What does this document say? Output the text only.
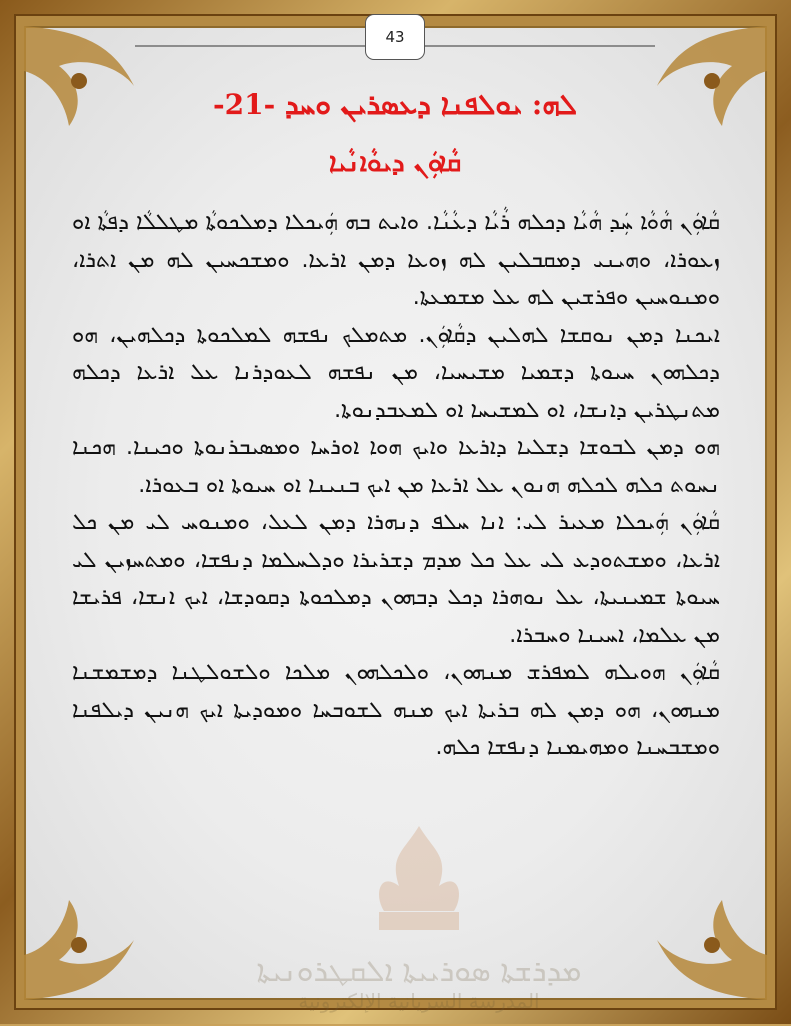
ܡܕܪܫܬܐ ܣܘܪܝܝܬܐ ܐܠܩܛܪܘܢܝܬܐ
المدرسة السريانية الإلكترونية
43
ܠܗ: ܝܘܠܦܢܐ ܕܥܣܪܝܢ ܘܚܕ -21-
ܩܵܐܘܲܢ ܕܝܘܵܐܢܵܝܐ

ܩܵܐܘܲܢ ܗܵܘܵܐ ܚܲܕ ܗܵܝܵܐ ܕܟܠܗ ܪܵܝܵܐ ܕܥܵܢܵܐ. ܘܐܝܬ ܒܗ ܗܲܝܟܠܐ ܕܡܠܟܘܬܵܐ ܡܛܠܠܵܐ ܕܦܬܵܐ ܐܘ ܙܥܘܪܐ، ܘܗܝܢܝ ܕܡܩܒܠܝܢ ܠܗ ܙܘܥܐ ܕܡܢ ܐܪܥܐ. ܘܡܫܟܚܝܢ ܠܗ ܡܢ ܐܬܪܐ، ܘܡܢܘܚܝܢ ܘܦܪܫܝܢ ܠܗ ܥܠ ܡܫܡܥܬܐ.

ܐܝܟܢܐ ܕܡܢ ܢܘܩܫܐ ܠܗܠܝܢ ܕܩܵܐܘܲܢ. ܡܬܡܠܟ ܢܦܫܗ ܠܡܠܟܘܬܐ ܕܟܠܗܝܢ، ܗܘ ܕܟܠܗܘܢ ܚܝܘܬܐ ܕܫܡܝܐ ܡܫܝܚܝܐ، ܡܢ ܢܦܫܗ ܠܥܘܕܪܢܐ ܥܠ ܐܪܥܐ ܕܟܠܗ ܡܬܢܛܪܝܢ ܕܐܢܫܐ، ܐܘ ܠܡܫܝܚܐ ܐܘ ܠܡܥܒܕܢܘܬܐ.

ܗܘ ܕܡܢ ܠܒܘܫܐ ܕܫܠܝܐ ܕܐܪܥܐ ܘܐܝܟ ܗܘܐ ܐܘܪܚܐ ܘܡܣܝܒܪܢܘܬܐ ܘܟܝܢܐ. ܗܟܢܐ ܢܚܘܬ ܟܠܗ ܠܟܠܗ ܗܢܘܢ ܥܠ ܐܪܥܐ ܡܢ ܐܝܟ ܒܢܝܢܐ ܐܘ ܚܝܘܬܐ ܐܘ ܒܥܘܪܐ.

ܩܵܐܘܲܢ ܗܲܝܟܠܐ ܡܥܝܪ ܠܝ: ܐܢܐ ܚܠܦ ܕܢܗܪܐ ܕܡܢ ܠܥܠ، ܘܡܢܘܚ ܠܝ ܡܢ ܟܠ ܐܪܥܐ، ܘܡܫܬܘܕܥ ܠܝ ܥܠ ܟܠ ܡܕܡ ܕܫܪܝܪܐ ܘܕܠܚܠܡܐ ܕܢܦܫܐ، ܘܡܬܚܙܝܢ ܠܝ ܚܝܘܬܐ ܫܡܝܢܝܬܐ، ܥܠ ܢܘܗܪܐ ܕܟܠ ܕܒܗܘܢ ܕܡܠܟܘܬܐ ܕܩܘܕܫܐ، ܐܝܟ ܐܢܫܐ، ܦܪܝܫܐ ܡܢ ܥܠܡܐ، ܐܚܝܢܐ ܘܚܒܪܐ.

ܩܵܐܘܲܢ ܗܘܝܠܗ ܠܡܦܪܫ ܡܢܗܘܢ، ܘܠܟܠܗܘܢ ܡܠܟܐ ܘܠܫܘܠܛܢܐ ܕܡܫܡܫܢܐ ܡܢܗܘܢ، ܗܘ ܕܡܢ ܠܗ ܒܪܝܬܐ ܐܝܟ ܡܢܗ ܠܫܘܒܚܐ ܘܡܘܕܝܬܐ ܐܝܟ ܗܢܝܢ ܕܝܠܦܢܐ ܘܡܫܒܚܢܐ ܘܡܗܝܡܢܐ ܕܢܦܫܐ ܟܠܗ.
